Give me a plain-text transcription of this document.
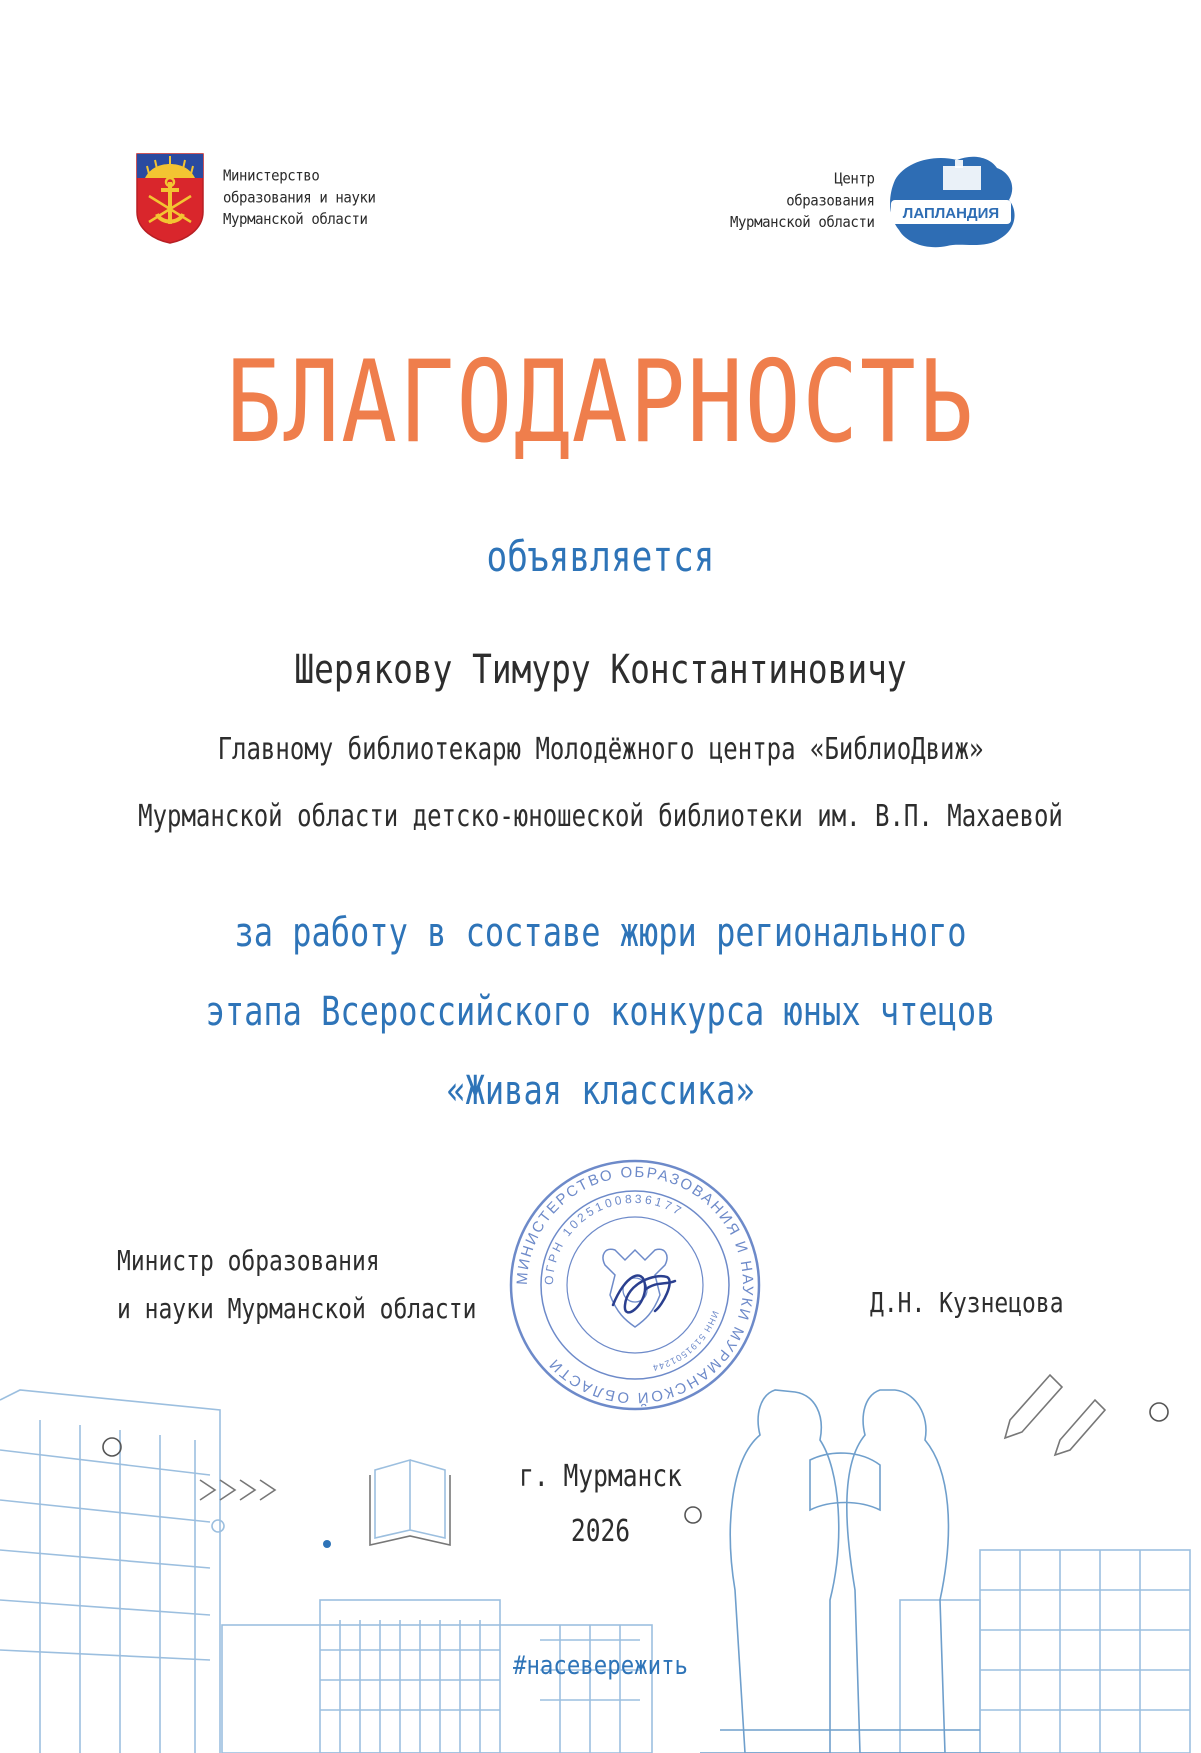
Министерство
образования и науки
Мурманской области
Центр
образования
Мурманской области
ЛАПЛАНДИЯ
БЛАГОДАРНОСТЬ
объявляется
Шерякову Тимуру Константиновичу
Главному библиотекарю Молодёжного центра «БиблиоДвиж»
Мурманской области детско-юношеской библиотеки им. В.П. Махаевой
за работу в составе жюри регионального
этапа Всероссийского конкурса юных чтецов
«Живая классика»
МИНИСТЕРСТВО ОБРАЗОВАНИЯ И НАУКИ МУРМАНСКОЙ ОБЛАСТИ
ОГРН 1025100836177
ИНН 5191501244
Министр образования
и науки Мурманской области	Д.Н. Кузнецова
г. Мурманск
2026
#насевережить
